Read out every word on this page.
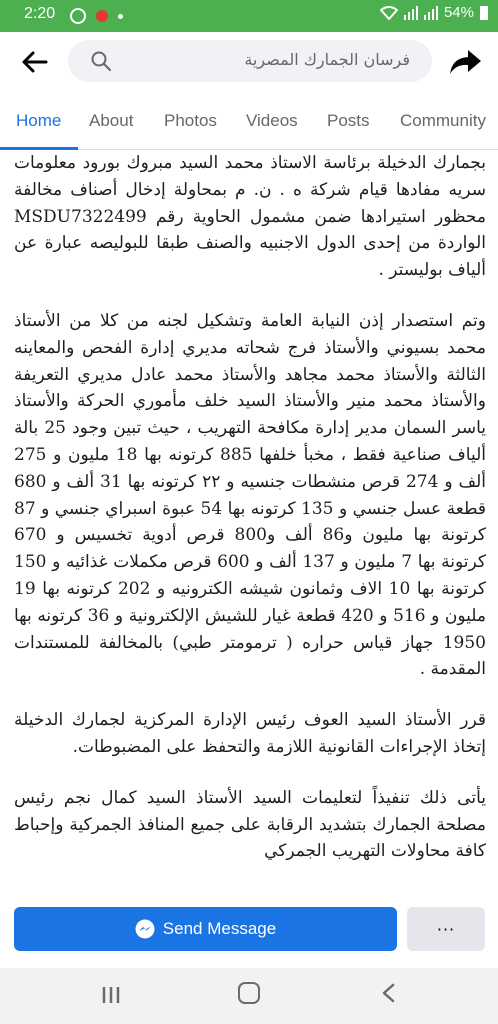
2:20	54%
فرسان الجمارك المصرية
Home About Photos Videos Posts Community

بجمارك الدخيلة برئاسة الاستاذ محمد السيد مبروك بورود معلومات سريه مفادها قيام شركة ه . ن. م بمحاولة إدخال أصناف مخالفة محظور استيرادها ضمن مشمول الحاوية رقم MSDU7322499 الواردة من إحدى الدول الاجنبيه والصنف طبقا للبوليصه عبارة عن ألياف بوليستر .

وتم استصدار إذن النيابة العامة وتشكيل لجنه من كلا من الأستاذ محمد بسيوني والأستاذ فرج شحاته مديري إدارة الفحص والمعاينه الثالثة والأستاذ محمد مجاهد والأستاذ محمد عادل مديري التعريفة والأستاذ محمد منير والأستاذ السيد خلف مأموري الحركة والأستاذ ياسر السمان مدير إدارة مكافحة التهريب ، حيث تبين وجود 25 بالة ألياف صناعية فقط ، مخبأ خلفها 885 كرتونه بها 18 مليون و 275 ألف و 274 قرص منشطات جنسيه و ٢٢ كرتونه بها 31 ألف و 680 قطعة عسل جنسي و 135 كرتونه بها 54 عبوة اسبراي جنسي و 87 كرتونة بها مليون و86 ألف و800 قرص أدوية تخسيس و 670 كرتونة بها 7 مليون و 137 ألف و 600 قرص مكملات غذائيه و 150 كرتونة بها 10 الاف وثمانون شيشه الكترونيه و 202 كرتونه بها 19 مليون و 516 و 420 قطعة غيار للشيش الإلكترونية و 36 كرتونه بها 1950 جهاز قياس حراره ( ترمومتر طبي) بالمخالفة للمستندات المقدمة .

قرر الأستاذ السيد العوف رئيس الإدارة المركزية لجمارك الدخيلة إتخاذ الإجراءات القانونية اللازمة والتحفظ على المضبوطات.

يأتى ذلك تنفيذاً لتعليمات السيد الأستاذ السيد كمال نجم رئيس مصلحة الجمارك بتشديد الرقابة على جميع المنافذ الجمركية وإحباط كافة محاولات التهريب الجمركي

Send Message	···
